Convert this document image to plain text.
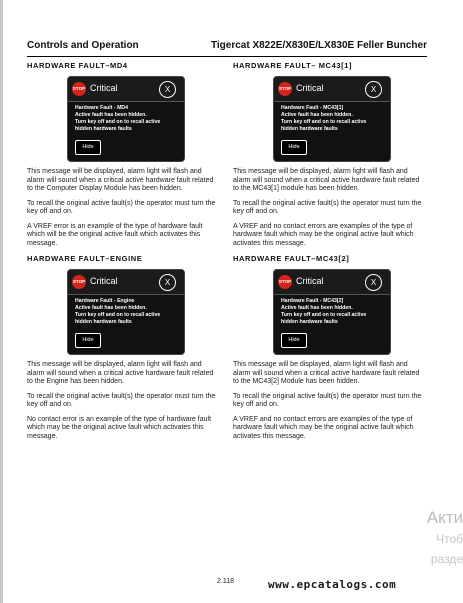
Controls and Operation	Tigercat X822E/X830E/LX830E Feller Buncher
HARDWARE FAULT–MD4
STOP Critical	X
Hardware Fault - MD4
Active fault has been hidden.
Turn key off and on to recall active
hidden hardware faults
Hide

This message will be displayed, alarm light will flash and alarm will sound when a critical active hardware fault related to the Computer Display Module has been hidden.

To recall the original active fault(s) the operator must turn the key off and on.

A VREF error is an example of the type of hardware fault which will be the original active fault which activates this message.

HARDWARE FAULT–ENGINE
STOP Critical	X
Hardware Fault - Engine
Active fault has been hidden.
Turn key off and on to recall active
hidden hardware faults
Hide

This message will be displayed, alarm light will flash and alarm will sound when a critical active hardware fault related to the Engine has been hidden.

To recall the original active fault(s) the operator must turn the key off and on.

No contact error is an example of the type of hardware fault which may be the original active fault which activates this message.

HARDWARE FAULT– MC43[1]
STOP Critical	X
Hardware Fault - MC43[1]
Active fault has been hidden.
Turn key off and on to recall active
hidden hardware faults
Hide

This message will be displayed, alarm light will flash and alarm will sound when a critical active hardware fault related to the MC43[1] module has been hidden.

To recall the original active fault(s) the operator must turn the key off and on.

A VREF and no contact errors are examples of the type of hardware fault which may be the original active fault which activates this message.

HARDWARE FAULT–MC43[2]
STOP Critical	X
Hardware Fault - MC43[2]
Active fault has been hidden.
Turn key off and on to recall active
hidden hardware faults
Hide

This message will be displayed, alarm light will flash and alarm will sound when a critical active hardware fault related to the MC43[2] Module has been hidden.

To recall the original active fault(s) the operator must turn the key off and on.

A VREF and no contact errors are examples of the type of hardware fault which may be the original active fault which activates this message.

2.118	www.epcatalogs.com
Акти
Чтоб
разде
